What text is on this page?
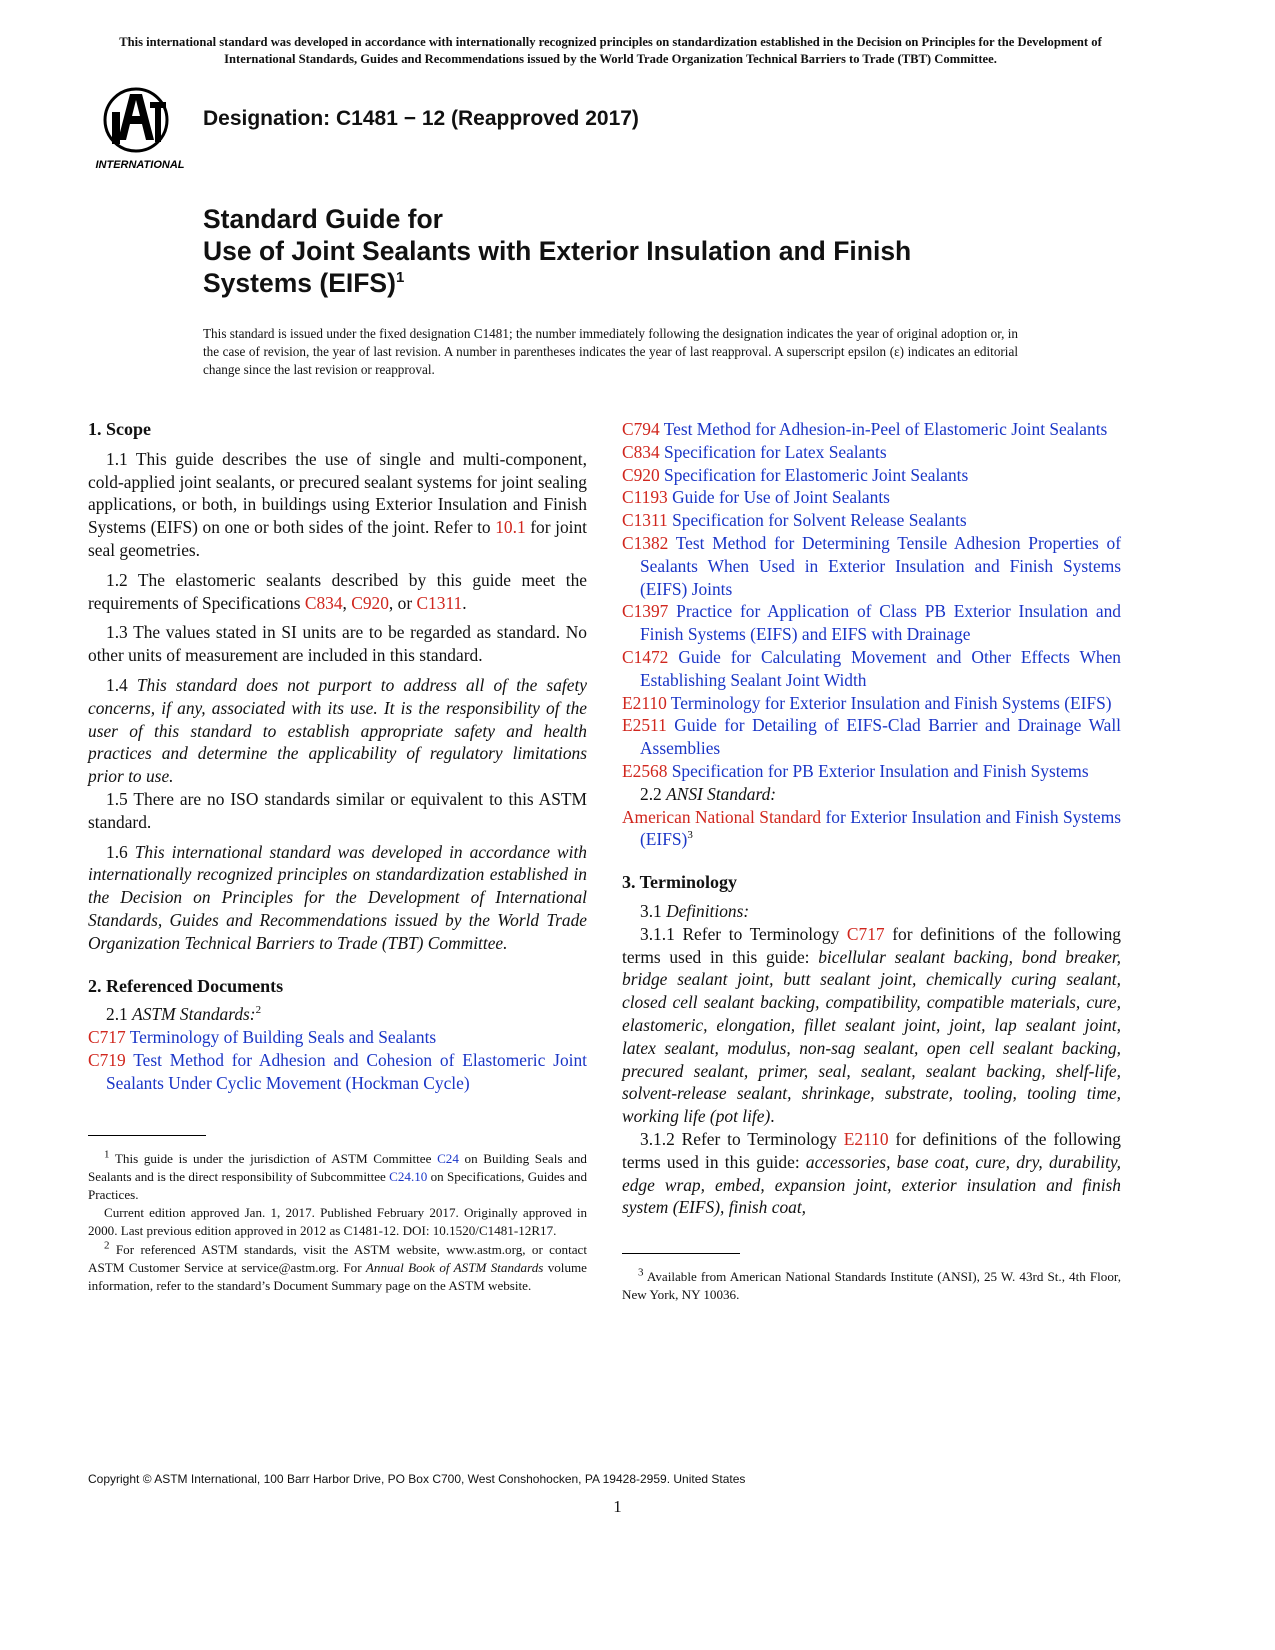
This international standard was developed in accordance with internationally recognized principles on standardization established in the Decision on Principles for the Development of International Standards, Guides and Recommendations issued by the World Trade Organization Technical Barriers to Trade (TBT) Committee.
INTERNATIONAL
Designation: C1481 − 12 (Reapproved 2017)
Standard Guide for
Use of Joint Sealants with Exterior Insulation and Finish
Systems (EIFS)$^1$
This standard is issued under the fixed designation C1481; the number immediately following the designation indicates the year of original adoption or, in the case of revision, the year of last revision. A number in parentheses indicates the year of last reapproval. A superscript epsilon (ε) indicates an editorial change since the last revision or reapproval.

1. Scope

1.1 This guide describes the use of single and multi-component, cold-applied joint sealants, or precured sealant systems for joint sealing applications, or both, in buildings using Exterior Insulation and Finish Systems (EIFS) on one or both sides of the joint. Refer to 10.1 for joint seal geometries.

1.2 The elastomeric sealants described by this guide meet the requirements of Specifications C834, C920, or C1311.

1.3 The values stated in SI units are to be regarded as standard. No other units of measurement are included in this standard.

1.4 This standard does not purport to address all of the safety concerns, if any, associated with its use. It is the responsibility of the user of this standard to establish appropriate safety and health practices and determine the applicability of regulatory limitations prior to use.

1.5 There are no ISO standards similar or equivalent to this ASTM standard.

1.6 This international standard was developed in accordance with internationally recognized principles on standardization established in the Decision on Principles for the Development of International Standards, Guides and Recommendations issued by the World Trade Organization Technical Barriers to Trade (TBT) Committee.

2. Referenced Documents

2.1 ASTM Standards:$^2$

C717 Terminology of Building Seals and Sealants

C719 Test Method for Adhesion and Cohesion of Elastomeric Joint Sealants Under Cyclic Movement (Hockman Cycle)

$^1$ This guide is under the jurisdiction of ASTM Committee C24 on Building Seals and Sealants and is the direct responsibility of Subcommittee C24.10 on Specifications, Guides and Practices.

Current edition approved Jan. 1, 2017. Published February 2017. Originally approved in 2000. Last previous edition approved in 2012 as C1481-12. DOI: 10.1520/C1481-12R17.

$^2$ For referenced ASTM standards, visit the ASTM website, www.astm.org, or contact ASTM Customer Service at service@astm.org. For Annual Book of ASTM Standards volume information, refer to the standard’s Document Summary page on the ASTM website.

C794 Test Method for Adhesion-in-Peel of Elastomeric Joint Sealants

C834 Specification for Latex Sealants

C920 Specification for Elastomeric Joint Sealants

C1193 Guide for Use of Joint Sealants

C1311 Specification for Solvent Release Sealants

C1382 Test Method for Determining Tensile Adhesion Properties of Sealants When Used in Exterior Insulation and Finish Systems (EIFS) Joints

C1397 Practice for Application of Class PB Exterior Insulation and Finish Systems (EIFS) and EIFS with Drainage

C1472 Guide for Calculating Movement and Other Effects When Establishing Sealant Joint Width

E2110 Terminology for Exterior Insulation and Finish Systems (EIFS)

E2511 Guide for Detailing of EIFS-Clad Barrier and Drainage Wall Assemblies

E2568 Specification for PB Exterior Insulation and Finish Systems

2.2 ANSI Standard:

American National Standard for Exterior Insulation and Finish Systems (EIFS)$^3$

3. Terminology

3.1 Definitions:

3.1.1 Refer to Terminology C717 for definitions of the following terms used in this guide: bicellular sealant backing, bond breaker, bridge sealant joint, butt sealant joint, chemically curing sealant, closed cell sealant backing, compatibility, compatible materials, cure, elastomeric, elongation, fillet sealant joint, joint, lap sealant joint, latex sealant, modulus, non-sag sealant, open cell sealant backing, precured sealant, primer, seal, sealant, sealant backing, shelf-life, solvent-release sealant, shrinkage, substrate, tooling, tooling time, working life (pot life).

3.1.2 Refer to Terminology E2110 for definitions of the following terms used in this guide: accessories, base coat, cure, dry, durability, edge wrap, embed, expansion joint, exterior insulation and finish system (EIFS), finish coat,

$^3$ Available from American National Standards Institute (ANSI), 25 W. 43rd St., 4th Floor, New York, NY 10036.

Copyright © ASTM International, 100 Barr Harbor Drive, PO Box C700, West Conshohocken, PA 19428-2959. United States
1
